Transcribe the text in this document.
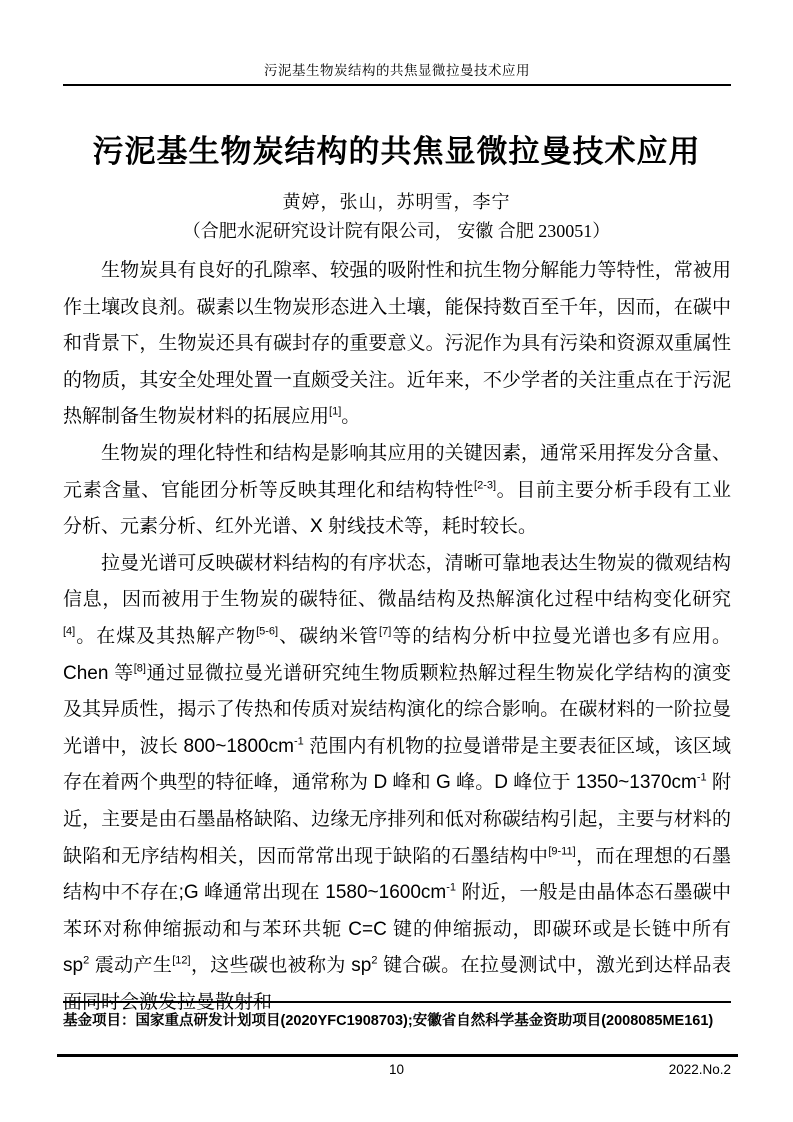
污泥基生物炭结构的共焦显微拉曼技术应用
污泥基生物炭结构的共焦显微拉曼技术应用
黄婷，张山，苏明雪，李宁
（合肥水泥研究设计院有限公司， 安徽 合肥 230051）

生物炭具有良好的孔隙率、较强的吸附性和抗生物分解能力等特性，常被用作土壤改良剂。碳素以生物炭形态进入土壤，能保持数百至千年，因而，在碳中和背景下，生物炭还具有碳封存的重要意义。污泥作为具有污染和资源双重属性的物质，其安全处理处置一直颇受关注。近年来，不少学者的关注重点在于污泥热解制备生物炭材料的拓展应用[1]。

生物炭的理化特性和结构是影响其应用的关键因素，通常采用挥发分含量、元素含量、官能团分析等反映其理化和结构特性[2-3]。目前主要分析手段有工业分析、元素分析、红外光谱、X 射线技术等，耗时较长。

拉曼光谱可反映碳材料结构的有序状态，清晰可靠地表达生物炭的微观结构信息，因而被用于生物炭的碳特征、微晶结构及热解演化过程中结构变化研究[4]。在煤及其热解产物[5-6]、碳纳米管[7]等的结构分析中拉曼光谱也多有应用。Chen 等[8]通过显微拉曼光谱研究纯生物质颗粒热解过程生物炭化学结构的演变及其异质性，揭示了传热和传质对炭结构演化的综合影响。在碳材料的一阶拉曼光谱中，波长 $800\sim 1800cm^{-1}$ 范围内有机物的拉曼谱带是主要表征区域，该区域存在着两个典型的特征峰，通常称为 D 峰和 G 峰。D 峰位于 $1350\sim 1370cm^{-1}$ 附近，主要是由石墨晶格缺陷、边缘无序排列和低对称碳结构引起，主要与材料的缺陷和无序结构相关，因而常常出现于缺陷的石墨结构中[9-11]，而在理想的石墨结构中不存在;G 峰通常出现在 $1580\sim 1600cm^{-1}$ 附近，一般是由晶体态石墨碳中苯环对称伸缩振动和与苯环共轭 C=C 键的伸缩振动，即碳环或是长链中所有 $sp^2$ 震动产生[12]，这些碳也被称为 $sp^2$ 键合碳。在拉曼测试中，激光到达样品表面同时会激发拉曼散射和

基金项目：国家重点研发计划项目(2020YFC1908703);安徽省自然科学基金资助项目(2008085ME161)
10	2022.No.2
